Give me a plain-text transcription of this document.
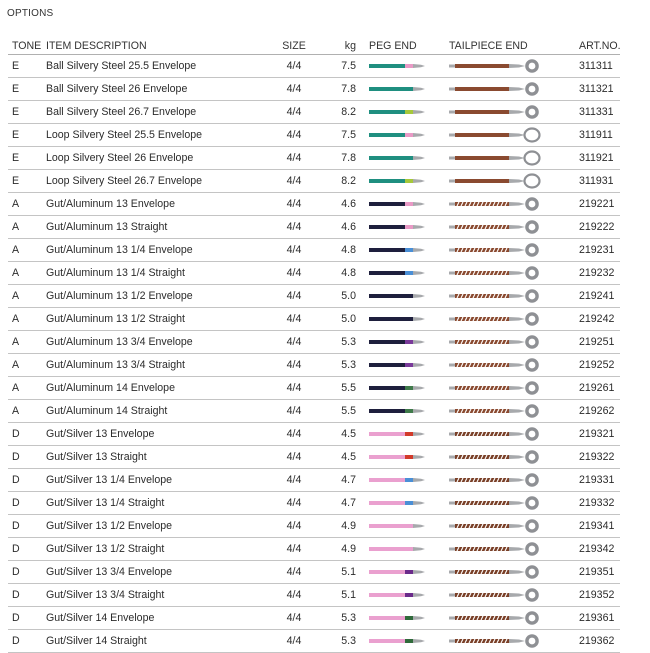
OPTIONS
TONE	ITEM DESCRIPTION	SIZE	kg	PEG END	TAILPIECE END	ART.NO.
E	Ball Silvery Steel 25.5 Envelope	4/4	7.5			311311
E	Ball Silvery Steel 26 Envelope	4/4	7.8			311321
E	Ball Silvery Steel 26.7 Envelope	4/4	8.2			311331
E	Loop Silvery Steel 25.5 Envelope	4/4	7.5			311911
E	Loop Silvery Steel 26 Envelope	4/4	7.8			311921
E	Loop Silvery Steel 26.7 Envelope	4/4	8.2			311931
A	Gut/Aluminum 13 Envelope	4/4	4.6			219221
A	Gut/Aluminum 13 Straight	4/4	4.6			219222
A	Gut/Aluminum 13 1/4 Envelope	4/4	4.8			219231
A	Gut/Aluminum 13 1/4 Straight	4/4	4.8			219232
A	Gut/Aluminum 13 1/2 Envelope	4/4	5.0			219241
A	Gut/Aluminum 13 1/2 Straight	4/4	5.0			219242
A	Gut/Aluminum 13 3/4 Envelope	4/4	5.3			219251
A	Gut/Aluminum 13 3/4 Straight	4/4	5.3			219252
A	Gut/Aluminum 14 Envelope	4/4	5.5			219261
A	Gut/Aluminum 14 Straight	4/4	5.5			219262
D	Gut/Silver 13 Envelope	4/4	4.5			219321
D	Gut/Silver 13 Straight	4/4	4.5			219322
D	Gut/Silver 13 1/4 Envelope	4/4	4.7			219331
D	Gut/Silver 13 1/4 Straight	4/4	4.7			219332
D	Gut/Silver 13 1/2 Envelope	4/4	4.9			219341
D	Gut/Silver 13 1/2 Straight	4/4	4.9			219342
D	Gut/Silver 13 3/4 Envelope	4/4	5.1			219351
D	Gut/Silver 13 3/4 Straight	4/4	5.1			219352
D	Gut/Silver 14 Envelope	4/4	5.3			219361
D	Gut/Silver 14 Straight	4/4	5.3			219362
